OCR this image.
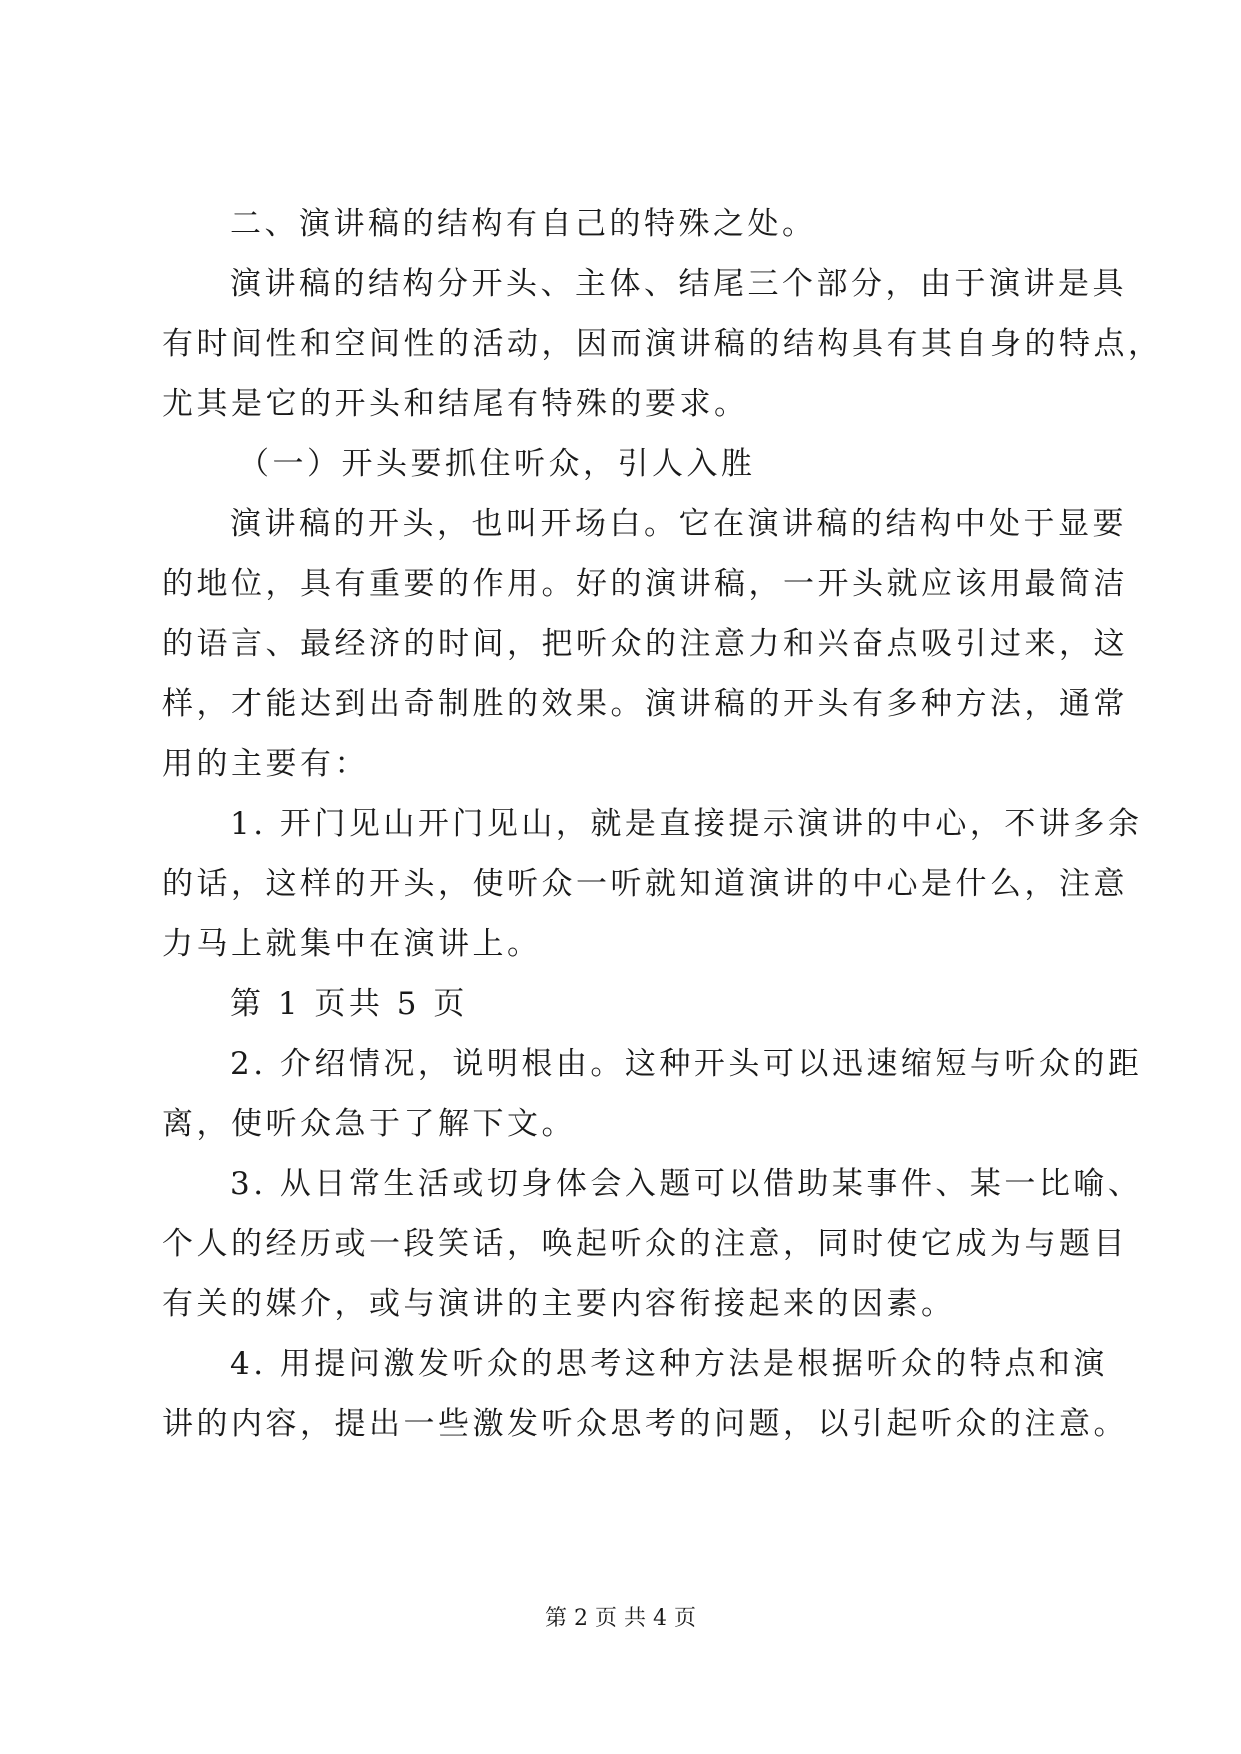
二、演讲稿的结构有自己的特殊之处。
演讲稿的结构分开头、主体、结尾三个部分，由于演讲是具
有时间性和空间性的活动，因而演讲稿的结构具有其自身的特点，
尤其是它的开头和结尾有特殊的要求。
（一）开头要抓住听众，引人入胜
演讲稿的开头，也叫开场白。它在演讲稿的结构中处于显要
的地位，具有重要的作用。好的演讲稿，一开头就应该用最简洁
的语言、最经济的时间，把听众的注意力和兴奋点吸引过来，这
样，才能达到出奇制胜的效果。演讲稿的开头有多种方法，通常
用的主要有：
1. 开门见山开门见山，就是直接提示演讲的中心，不讲多余
的话，这样的开头，使听众一听就知道演讲的中心是什么，注意
力马上就集中在演讲上。
第 1 页共 5 页
2. 介绍情况，说明根由。这种开头可以迅速缩短与听众的距
离，使听众急于了解下文。
3. 从日常生活或切身体会入题可以借助某事件、某一比喻、
个人的经历或一段笑话，唤起听众的注意，同时使它成为与题目
有关的媒介，或与演讲的主要内容衔接起来的因素。
4. 用提问激发听众的思考这种方法是根据听众的特点和演
讲的内容，提出一些激发听众思考的问题，以引起听众的注意。
第 2 页 共 4 页
